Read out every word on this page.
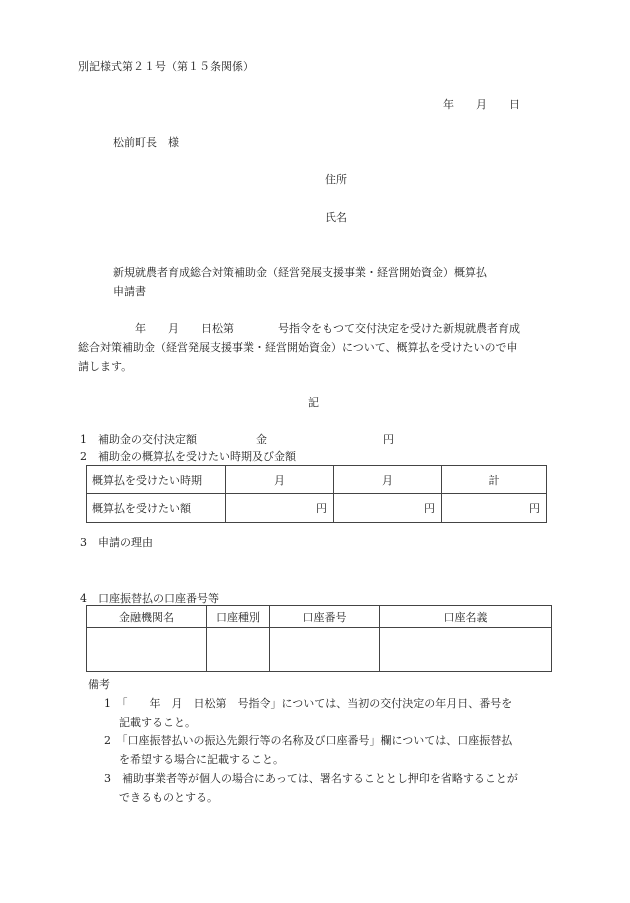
別記様式第２１号（第１５条関係）
年　　月　　日
松前町長　様
住所
氏名
新規就農者育成総合対策補助金（経営発展支援事業・経営開始資金）概算払
申請書
　　年　　月　　日松第　　　　号指令をもつて交付決定を受けた新規就農者育成
総合対策補助金（経営発展支援事業・経営開始資金）について、概算払を受けたいので申
請します。
記
1　補助金の交付決定額	金	円
2　補助金の概算払を受けたい時期及び金額
概算払を受けたい時期	月	月	計
概算払を受けたい額	円	円	円
3　申請の理由
4　口座振替払の口座番号等
金融機関名	口座種別	口座番号	口座名義

備考
1　「　　年　月　日松第　号指令」については、当初の交付決定の年月日、番号を
記載すること。
2　「口座振替払いの振込先銀行等の名称及び口座番号」欄については、口座振替払
を希望する場合に記載すること。
3　補助事業者等が個人の場合にあっては、署名することとし押印を省略することが
できるものとする。
